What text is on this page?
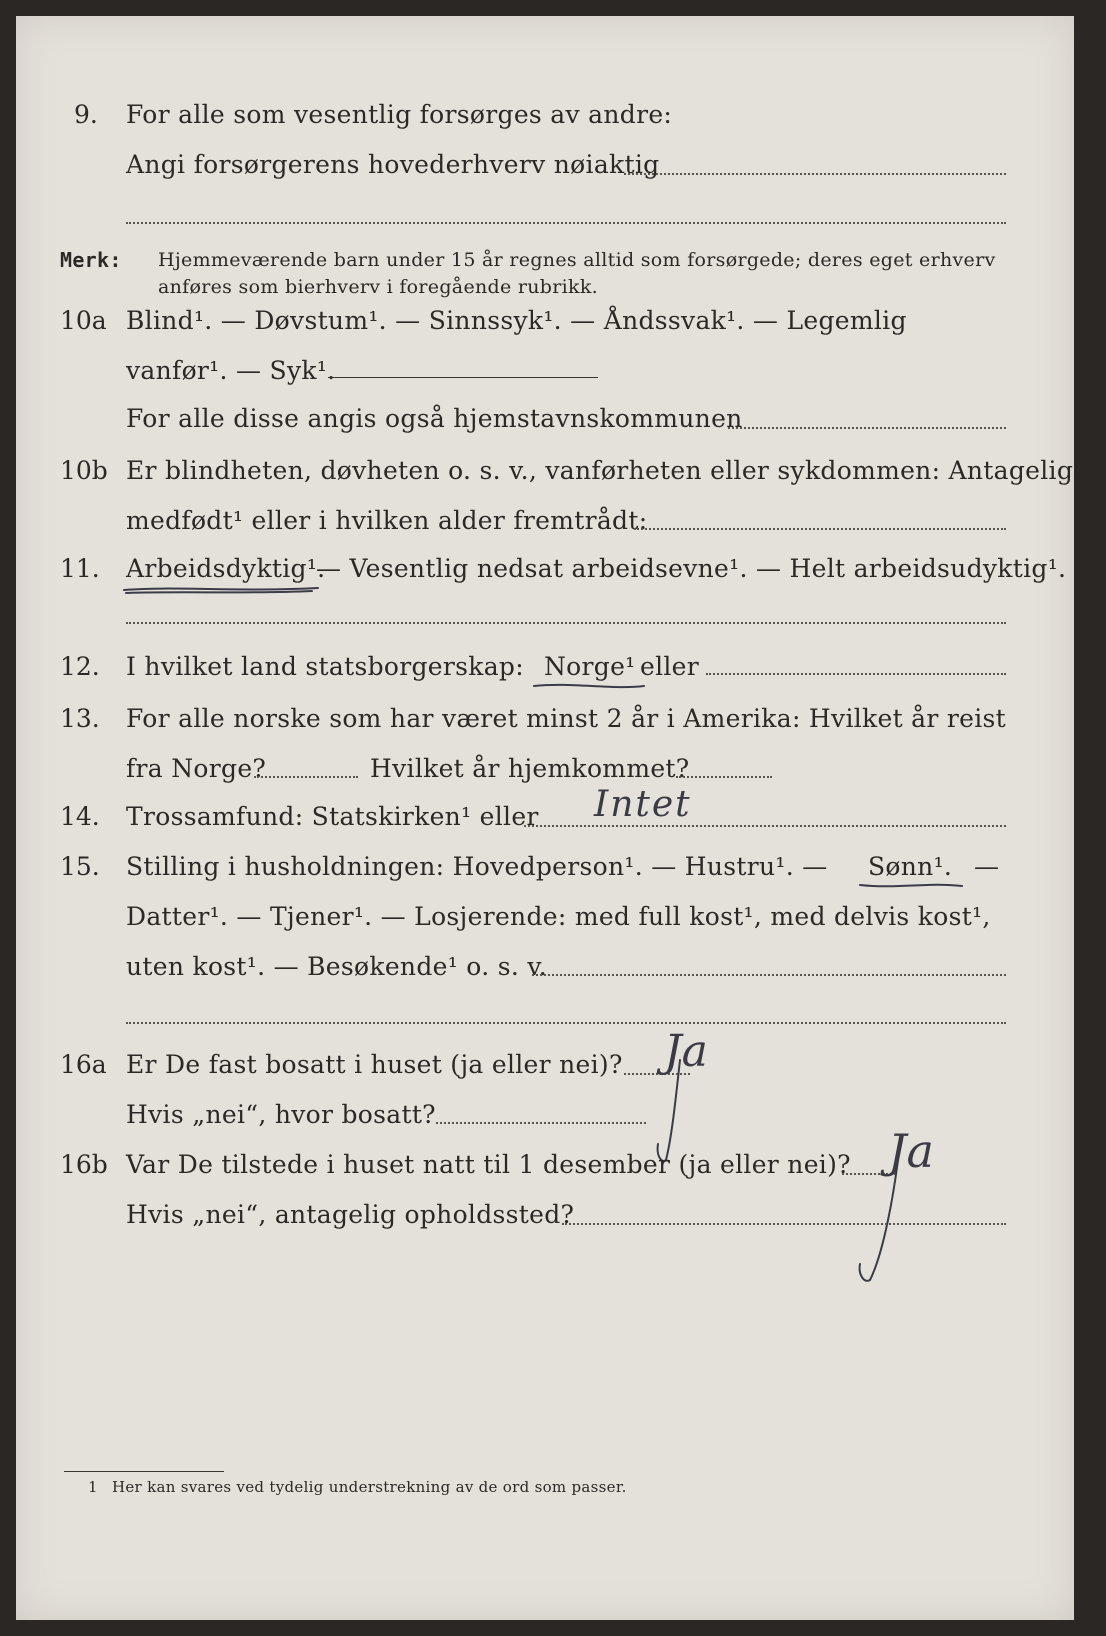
9. For alle som vesentlig forsørges av andre:
Angi forsørgerens hovederhverv nøiaktig
Merk: Hjemmeværende barn under 15 år regnes alltid som forsørgede; deres eget erhverv
anføres som bierhverv i foregående rubrikk.
10a Blind¹. — Døvstum¹. — Sinnssyk¹. — Åndssvak¹. — Legemlig
vanfør¹. — Syk¹.
For alle disse angis også hjemstavnskommunen
10b Er blindheten, døvheten o. s. v., vanførheten eller sykdommen: Antagelig
medfødt¹ eller i hvilken alder fremtrådt:
11. Arbeidsdyktig¹.
— Vesentlig nedsat arbeidsevne¹. — Helt arbeidsudyktig¹.
12. I hvilket land statsborgerskap: Norge¹ eller
13. For alle norske som har været minst 2 år i Amerika: Hvilket år reist
fra Norge?	Hvilket år hjemkommet?
14. Trossamfund: Statskirken¹ eller Intet
15. Stilling i husholdningen: Hovedperson¹. — Hustru¹. — Sønn¹. —
Datter¹. — Tjener¹. — Losjerende: med full kost¹, med delvis kost¹,
uten kost¹. — Besøkende¹ o. s. v.
16a Er De fast bosatt i huset (ja eller nei)? Ja
Hvis „nei“, hvor bosatt?
16b Var De tilstede i huset natt til 1 desember (ja eller nei)? Ja
Hvis „nei“, antagelig opholdssted?
1 Her kan svares ved tydelig understrekning av de ord som passer.
